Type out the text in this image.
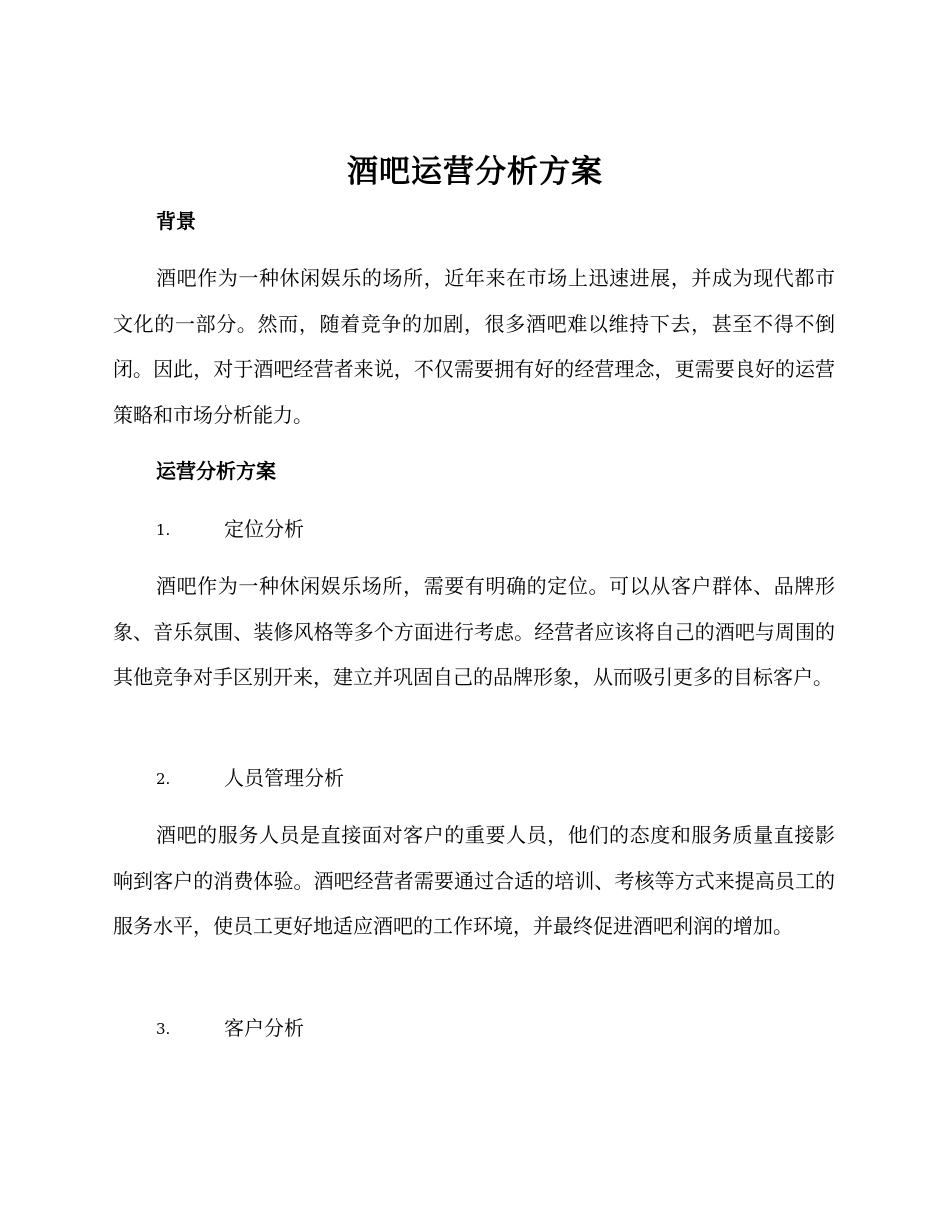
酒吧运营分析方案
背景

酒吧作为一种休闲娱乐的场所，近年来在市场上迅速进展，并成为现代都市文化的一部分。然而，随着竞争的加剧，很多酒吧难以维持下去，甚至不得不倒闭。因此，对于酒吧经营者来说，不仅需要拥有好的经营理念，更需要良好的运营策略和市场分析能力。

运营分析方案
1.	定位分析

酒吧作为一种休闲娱乐场所，需要有明确的定位。可以从客户群体、品牌形象、音乐氛围、装修风格等多个方面进行考虑。经营者应该将自己的酒吧与周围的其他竞争对手区别开来，建立并巩固自己的品牌形象，从而吸引更多的目标客户。

2.	人员管理分析

酒吧的服务人员是直接面对客户的重要人员，他们的态度和服务质量直接影响到客户的消费体验。酒吧经营者需要通过合适的培训、考核等方式来提高员工的服务水平，使员工更好地适应酒吧的工作环境，并最终促进酒吧利润的增加。

3.	客户分析
